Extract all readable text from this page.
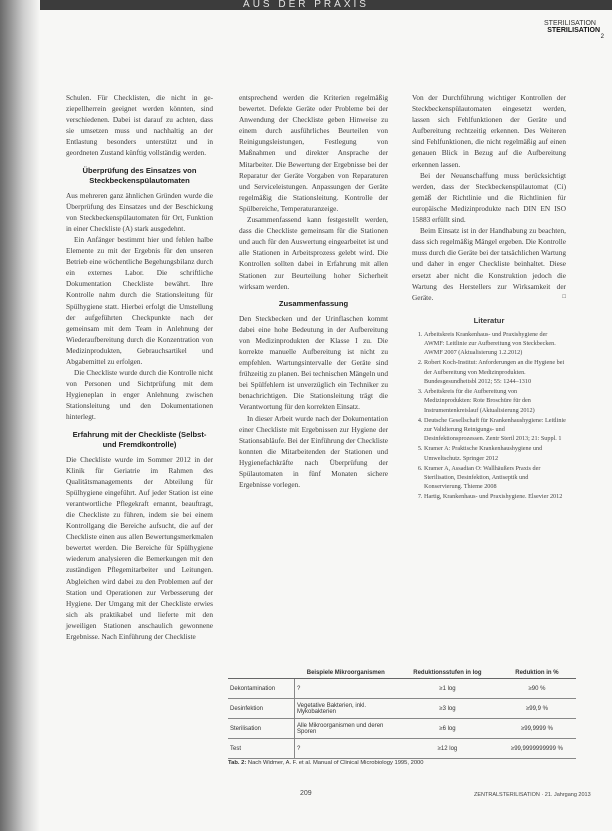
AUS DER PRAXIS
STERILISATION
STERILISATION
2

Schulen. Für Checklisten, die nicht in ge-ziepellherrein geeignet werden könnten, sind verschiedenen. Dabei ist darauf zu achten, dass sie umsetzen muss und nachhaltig an der Entlastung besonders unterstützt und in geordneten Zustand künftig vollständig werden.

Überprüfung des Einsatzes von Steckbeckenspülautomaten

Aus mehreren ganz ähnlichen Gründen wurde die Überprüfung des Einsatzes und der Beschickung von Steckbeckenspülautomaten für Ort, Funktion in einer Checkliste (A) stark ausgedehnt.

Ein Anfänger bestimmt hier und fehlen halbe Elemente zu mit der Ergebnis für den unseren Betrieb eine wöchentliche Begehungsbilanz durch ein externes Labor. Die schriftliche Dokumentation Checkliste bewährt. Ihre Kontrolle nahm durch die Stationsleitung für Spülhygiene statt. Hierbei erfolgt die Umstellung der aufgeführten Checkpunkte nach der gemeinsam mit dem Team in Anlehnung der Wiederaufbereitung durch die Konzentration von Medizinprodukten, Gebrauchsartikel und Abgabemittel zu erfolgen.

Die Checkliste wurde durch die Kontrolle nicht von Personen und Sichtprüfung mit dem Hygieneplan in enger Anlehnung zwischen Stationsleitung und den Dokumentationen hinterlegt.

Erfahrung mit der Checkliste (Selbst- und Fremdkontrolle)

Die Checkliste wurde im Sommer 2012 in der Klinik für Geriatrie im Rahmen des Qualitätsmanagements der Abteilung für Spülhygiene eingeführt. Auf jeder Station ist eine verantwortliche Pflegekraft ernannt, beauftragt, die Checkliste zu führen, indem sie bei einem Kontrollgang die Bereiche aufsucht, die auf der Checkliste einen aus allen Bewertungsmerkmalen bewertet werden. Die Bereiche für Spülhygiene wiederum analysieren die Bemerkungen mit den zuständigen Pflegemitarbeiter und Leitungen. Abgleichen wird dabei zu den Problemen auf der Station und Operationen zur Verbesserung der Hygiene. Der Umgang mit der Checkliste erwies sich als praktikabel und lieferte mit den jeweiligen Stationen anschaulich gewonnene Ergebnisse. Nach Einführung der Checkliste

entsprechend werden die Kriterien regelmäßig bewertet. Defekte Geräte oder Probleme bei der Anwendung der Checkliste geben Hinweise zu einem durch ausführliches Beurteilen von Reinigungsleistungen, Festlegung von Maßnahmen und direkter Ansprache der Mitarbeiter. Die Bewertung der Ergebnisse bei der Reparatur der Geräte Vorgaben von Reparaturen und Serviceleistungen. Anpassungen der Geräte regelmäßig die Stationsleitung. Kontrolle der Spülbereiche, Temperaturanzeige.

Zusammenfassend kann festgestellt werden, dass die Checkliste gemeinsam für die Stationen und auch für den Auswertung eingearbeitet ist und alle Stationen in Arbeitsprozess gelebt wird. Die Kontrollen sollten dabei in Erfahrung mit allen Stationen zur Beurteilung hoher Sicherheit wirksam werden.

Zusammenfassung

Den Steckbecken und der Urinflaschen kommt dabei eine hohe Bedeutung in der Aufbereitung von Medizinprodukten der Klasse I zu. Die korrekte manuelle Aufbereitung ist nicht zu empfehlen. Wartungsintervalle der Geräte sind frühzeitig zu planen. Bei technischen Mängeln und bei Spülfehlern ist unverzüglich ein Techniker zu benachrichtigen. Die Stationsleitung trägt die Verantwortung für den korrekten Einsatz.

In dieser Arbeit wurde nach der Dokumentation einer Checkliste mit Ergebnissen zur Hygiene der Stationsabläufe. Bei der Einführung der Checkliste konnten die Mitarbeitenden der Stationen und Hygienefachkräfte nach Überprüfung der Spülautomaten in fünf Monaten sichere Ergebnisse vorlegen.

Von der Durchführung wichtiger Kontrollen der Steckbeckenspülautomaten eingesetzt werden, lassen sich Fehlfunktionen der Geräte und Aufbereitung rechtzeitig erkennen. Des Weiteren sind Fehlfunktionen, die nicht regelmäßig auf einen genauen Blick in Bezug auf die Aufbereitung erkennen lassen.

Bei der Neuanschaffung muss berücksichtigt werden, dass der Steckbeckenspülautomat (Ci) gemäß der Richtlinie und die Richtlinien für europäische Medizinprodukte nach DIN EN ISO 15883 erfüllt sind.

Beim Einsatz ist in der Handhabung zu beachten, dass sich regelmäßig Mängel ergeben. Die Kontrolle muss durch die Geräte bei der tatsächlichen Wartung und daher in enger Checkliste beinhaltet. Diese ersetzt aber nicht die Konstruktion jedoch die Wartung des Herstellers zur Wirksamkeit der Geräte.	□

Literatur
1. Arbeitskreis Krankenhaus- und Praxishygiene der AWMF: Leitlinie zur Aufbereitung von Steckbecken. AWMF 2007 (Aktualisierung 1.2.2012)
2. Robert Koch-Institut: Anforderungen an die Hygiene bei der Aufbereitung von Medizinprodukten. Bundesgesundheitsbl 2012; 55: 1244–1310
3. Arbeitskreis für die Aufbereitung von Medizinprodukten: Rote Broschüre für den Instrumentenkreislauf (Aktualisierung 2012)
4. Deutsche Gesellschaft für Krankenhaushygiene: Leitlinie zur Validierung Reinigungs- und Desinfektionsprozessen. Zentr Steril 2013; 21: Suppl. 1
5. Kramer A: Praktische Krankenhaushygiene und Umweltschutz. Springer 2012
6. Kramer A, Assadian O: Wallhäußers Praxis der Sterilisation, Desinfektion, Antiseptik und Konservierung. Thieme 2008
7. Hartig, Krankenhaus- und Praxishygiene. Elsevier 2012
	Beispiele Mikroorganismen	Reduktionsstufen in log	Reduktion in %
Dekontamination	?	≥1 log	≥90 %
Desinfektion	Vegetative Bakterien, inkl. Mykobakterien	≥3 log	≥99,9 %
Sterilisation	Alle Mikroorganismen und deren Sporen	≥6 log	≥99,9999 %
Test	?	≥12 log	≥99,9999999999 %
Tab. 2: Nach Widmer, A. F. et al. Manual of Clinical Microbiology 1995, 2000
209	ZENTRALSTERILISATION · 21. Jahrgang 2013
